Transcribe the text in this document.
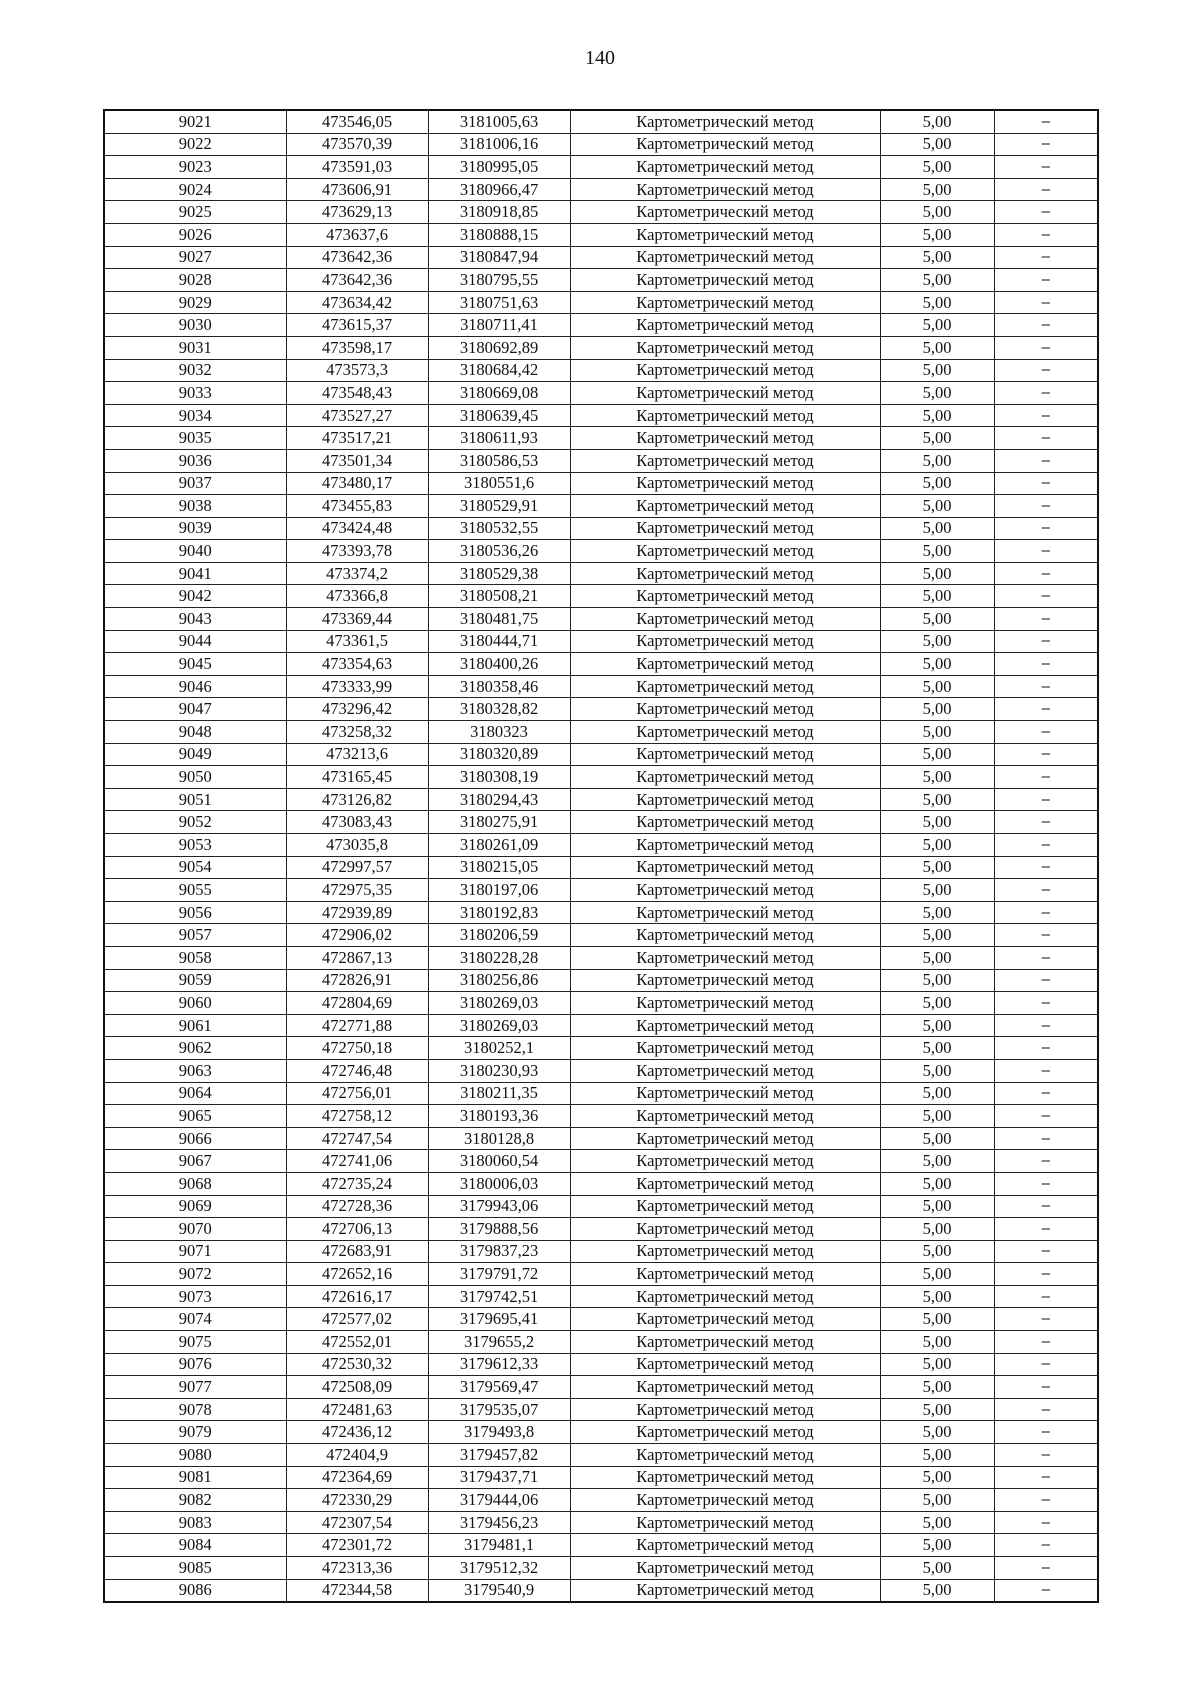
140
9021	473546,05	3181005,63	Картометрический метод	5,00	–
9022	473570,39	3181006,16	Картометрический метод	5,00	–
9023	473591,03	3180995,05	Картометрический метод	5,00	–
9024	473606,91	3180966,47	Картометрический метод	5,00	–
9025	473629,13	3180918,85	Картометрический метод	5,00	–
9026	473637,6	3180888,15	Картометрический метод	5,00	–
9027	473642,36	3180847,94	Картометрический метод	5,00	–
9028	473642,36	3180795,55	Картометрический метод	5,00	–
9029	473634,42	3180751,63	Картометрический метод	5,00	–
9030	473615,37	3180711,41	Картометрический метод	5,00	–
9031	473598,17	3180692,89	Картометрический метод	5,00	–
9032	473573,3	3180684,42	Картометрический метод	5,00	–
9033	473548,43	3180669,08	Картометрический метод	5,00	–
9034	473527,27	3180639,45	Картометрический метод	5,00	–
9035	473517,21	3180611,93	Картометрический метод	5,00	–
9036	473501,34	3180586,53	Картометрический метод	5,00	–
9037	473480,17	3180551,6	Картометрический метод	5,00	–
9038	473455,83	3180529,91	Картометрический метод	5,00	–
9039	473424,48	3180532,55	Картометрический метод	5,00	–
9040	473393,78	3180536,26	Картометрический метод	5,00	–
9041	473374,2	3180529,38	Картометрический метод	5,00	–
9042	473366,8	3180508,21	Картометрический метод	5,00	–
9043	473369,44	3180481,75	Картометрический метод	5,00	–
9044	473361,5	3180444,71	Картометрический метод	5,00	–
9045	473354,63	3180400,26	Картометрический метод	5,00	–
9046	473333,99	3180358,46	Картометрический метод	5,00	–
9047	473296,42	3180328,82	Картометрический метод	5,00	–
9048	473258,32	3180323	Картометрический метод	5,00	–
9049	473213,6	3180320,89	Картометрический метод	5,00	–
9050	473165,45	3180308,19	Картометрический метод	5,00	–
9051	473126,82	3180294,43	Картометрический метод	5,00	–
9052	473083,43	3180275,91	Картометрический метод	5,00	–
9053	473035,8	3180261,09	Картометрический метод	5,00	–
9054	472997,57	3180215,05	Картометрический метод	5,00	–
9055	472975,35	3180197,06	Картометрический метод	5,00	–
9056	472939,89	3180192,83	Картометрический метод	5,00	–
9057	472906,02	3180206,59	Картометрический метод	5,00	–
9058	472867,13	3180228,28	Картометрический метод	5,00	–
9059	472826,91	3180256,86	Картометрический метод	5,00	–
9060	472804,69	3180269,03	Картометрический метод	5,00	–
9061	472771,88	3180269,03	Картометрический метод	5,00	–
9062	472750,18	3180252,1	Картометрический метод	5,00	–
9063	472746,48	3180230,93	Картометрический метод	5,00	–
9064	472756,01	3180211,35	Картометрический метод	5,00	–
9065	472758,12	3180193,36	Картометрический метод	5,00	–
9066	472747,54	3180128,8	Картометрический метод	5,00	–
9067	472741,06	3180060,54	Картометрический метод	5,00	–
9068	472735,24	3180006,03	Картометрический метод	5,00	–
9069	472728,36	3179943,06	Картометрический метод	5,00	–
9070	472706,13	3179888,56	Картометрический метод	5,00	–
9071	472683,91	3179837,23	Картометрический метод	5,00	–
9072	472652,16	3179791,72	Картометрический метод	5,00	–
9073	472616,17	3179742,51	Картометрический метод	5,00	–
9074	472577,02	3179695,41	Картометрический метод	5,00	–
9075	472552,01	3179655,2	Картометрический метод	5,00	–
9076	472530,32	3179612,33	Картометрический метод	5,00	–
9077	472508,09	3179569,47	Картометрический метод	5,00	–
9078	472481,63	3179535,07	Картометрический метод	5,00	–
9079	472436,12	3179493,8	Картометрический метод	5,00	–
9080	472404,9	3179457,82	Картометрический метод	5,00	–
9081	472364,69	3179437,71	Картометрический метод	5,00	–
9082	472330,29	3179444,06	Картометрический метод	5,00	–
9083	472307,54	3179456,23	Картометрический метод	5,00	–
9084	472301,72	3179481,1	Картометрический метод	5,00	–
9085	472313,36	3179512,32	Картометрический метод	5,00	–
9086	472344,58	3179540,9	Картометрический метод	5,00	–
